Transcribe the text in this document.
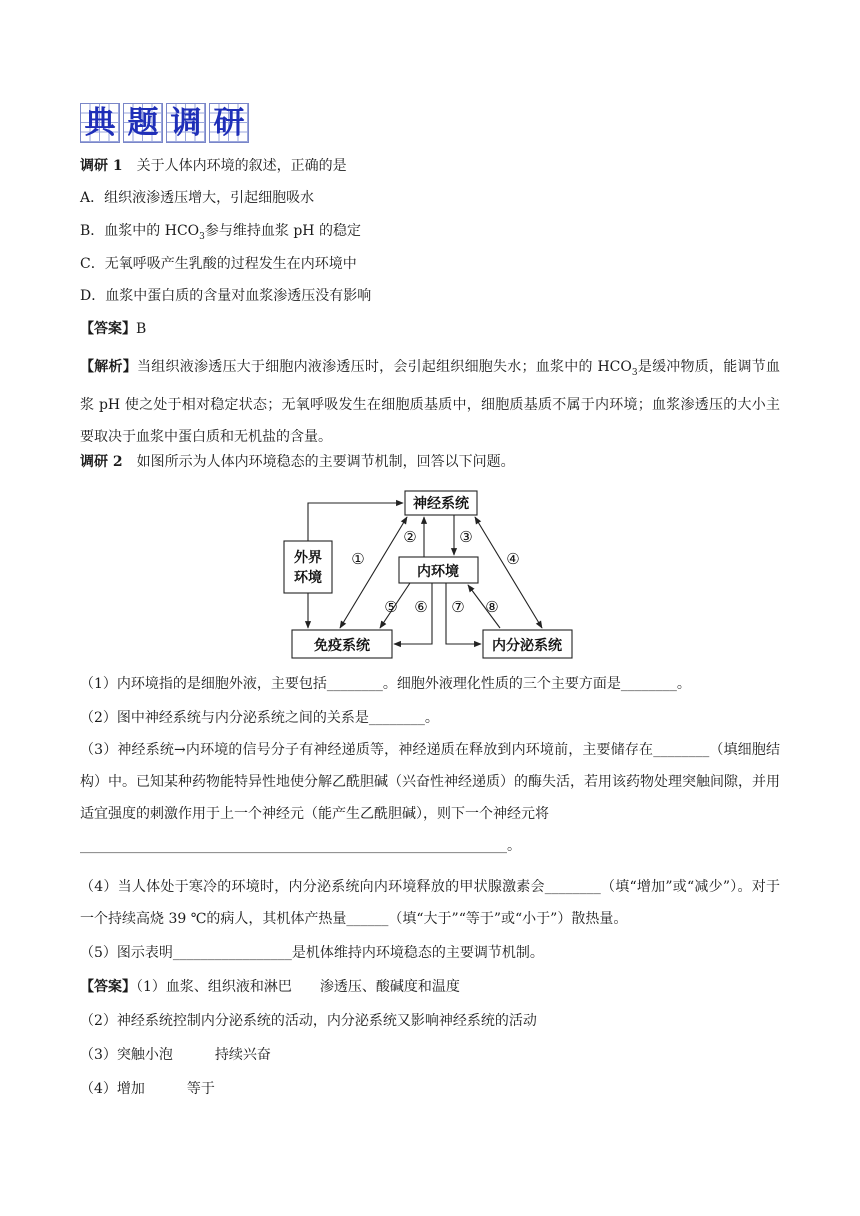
典 题 调 研
调研 1　 关于人体内环境的叙述，正确的是
A．组织液渗透压增大，引起细胞吸水
B．血浆中的 $HCO_3$参与维持血浆 pH 的稳定
C．无氧呼吸产生乳酸的过程发生在内环境中
D．血浆中蛋白质的含量对血浆渗透压没有影响
【答案】B

【解析】当组织液渗透压大于细胞内液渗透压时，会引起组织细胞失水；血浆中的 $HCO_3$是缓冲物质，能调节血浆 pH 使之处于相对稳定状态；无氧呼吸发生在细胞质基质中，细胞质基质不属于内环境；血浆渗透压的大小主要取决于血浆中蛋白质和无机盐的含量。

调研 2　 如图所示为人体内环境稳态的主要调节机制，回答以下问题。
神经系统
内环境
外界
环境
免疫系统	内分泌系统
①
②	③
④
⑤ ⑥ ⑦ ⑧
（1）内环境指的是细胞外液，主要包括________。细胞外液理化性质的三个主要方面是________。
（2）图中神经系统与内分泌系统之间的关系是________。

（3）神经系统→内环境的信号分子有神经递质等，神经递质在释放到内环境前，主要储存在________（填细胞结构）中。已知某种药物能特异性地使分解乙酰胆碱（兴奋性神经递质）的酶失活，若用该药物处理突触间隙，并用适宜强度的刺激作用于上一个神经元（能产生乙酰胆碱），则下一个神经元将

_____________________________________________________________。

（4）当人体处于寒冷的环境时，内分泌系统向内环境释放的甲状腺激素会________（填“增加”或“减少”）。对于一个持续高烧 39 ℃的病人，其机体产热量______（填“大于”“等于”或“小于”）散热量。

（5）图示表明_________________是机体维持内环境稳态的主要调节机制。
【答案】（1）血浆、组织液和淋巴　　渗透压、酸碱度和温度
（2）神经系统控制内分泌系统的活动，内分泌系统又影响神经系统的活动
（3）突触小泡　　　持续兴奋
（4）增加　　　等于
